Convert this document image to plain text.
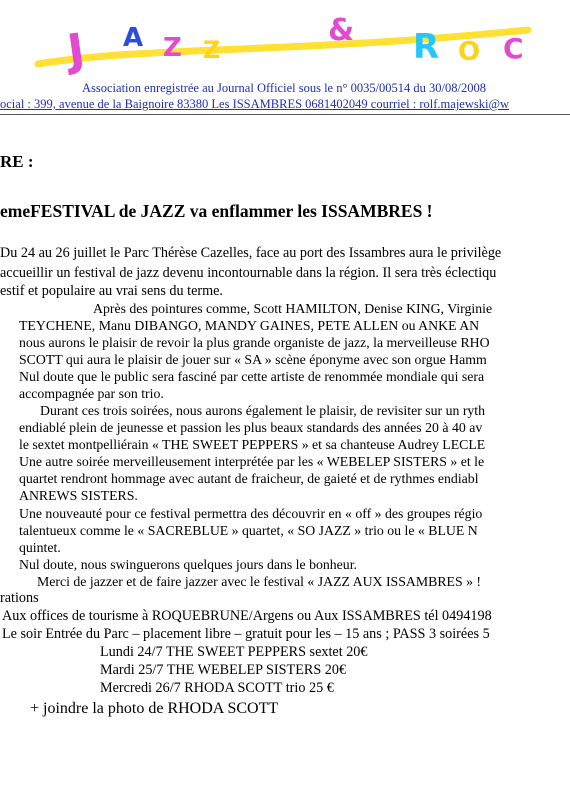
J A Z Z
& R O C
Association enregistrée au Journal Officiel sous le n° 0035/00514 du 30/08/2008
ocial : 399, avenue de la Baignoire 83380 Les ISSAMBRES 0681402049 courriel : rolf.majewski@w
RE :
emeFESTIVAL de JAZZ va enflammer les ISSAMBRES !
Du 24 au 26 juillet le Parc Thérèse Cazelles, face au port des Issambres aura le privilège
accueillir un festival de jazz devenu incontournable dans la région. Il sera très éclectiqu
estif et populaire au vrai sens du terme.
Après des pointures comme, Scott HAMILTON, Denise KING, Virginie
TEYCHENE, Manu DIBANGO, MANDY GAINES, PETE ALLEN ou ANKE AN
nous aurons le plaisir de revoir la plus grande organiste de jazz, la merveilleuse RHO
SCOTT qui aura le plaisir de jouer sur « SA » scène éponyme avec son orgue Hamm
Nul doute que le public sera fasciné par cette artiste de renommée mondiale qui sera
accompagnée par son trio.
Durant ces trois soirées, nous aurons également le plaisir, de revisiter sur un ryth
endiablé plein de jeunesse et passion les plus beaux standards des années 20 à 40 av
le sextet montpelliérain « THE SWEET PEPPERS » et sa chanteuse Audrey LECLE
Une autre soirée merveilleusement interprétée par les « WEBELEP SISTERS » et le
quartet rendront hommage avec autant de fraicheur, de gaieté et de rythmes endiabl
ANREWS SISTERS.
Une nouveauté pour ce festival permettra des découvrir en « off » des groupes régio
talentueux comme le « SACREBLUE » quartet, « SO JAZZ » trio ou le « BLUE N
quintet.
Nul doute, nous swinguerons quelques jours dans le bonheur.
Merci de jazzer et de faire jazzer avec le festival « JAZZ AUX ISSAMBRES » !
rations
Aux offices de tourisme à ROQUEBRUNE/Argens ou Aux ISSAMBRES tél 0494198
Le soir Entrée du Parc – placement libre – gratuit pour les – 15 ans ; PASS 3 soirées 5
Lundi 24/7 THE SWEET PEPPERS sextet 20€
Mardi 25/7 THE WEBELEP SISTERS 20€
Mercredi 26/7 RHODA SCOTT trio 25 €
+ joindre la photo de RHODA SCOTT
